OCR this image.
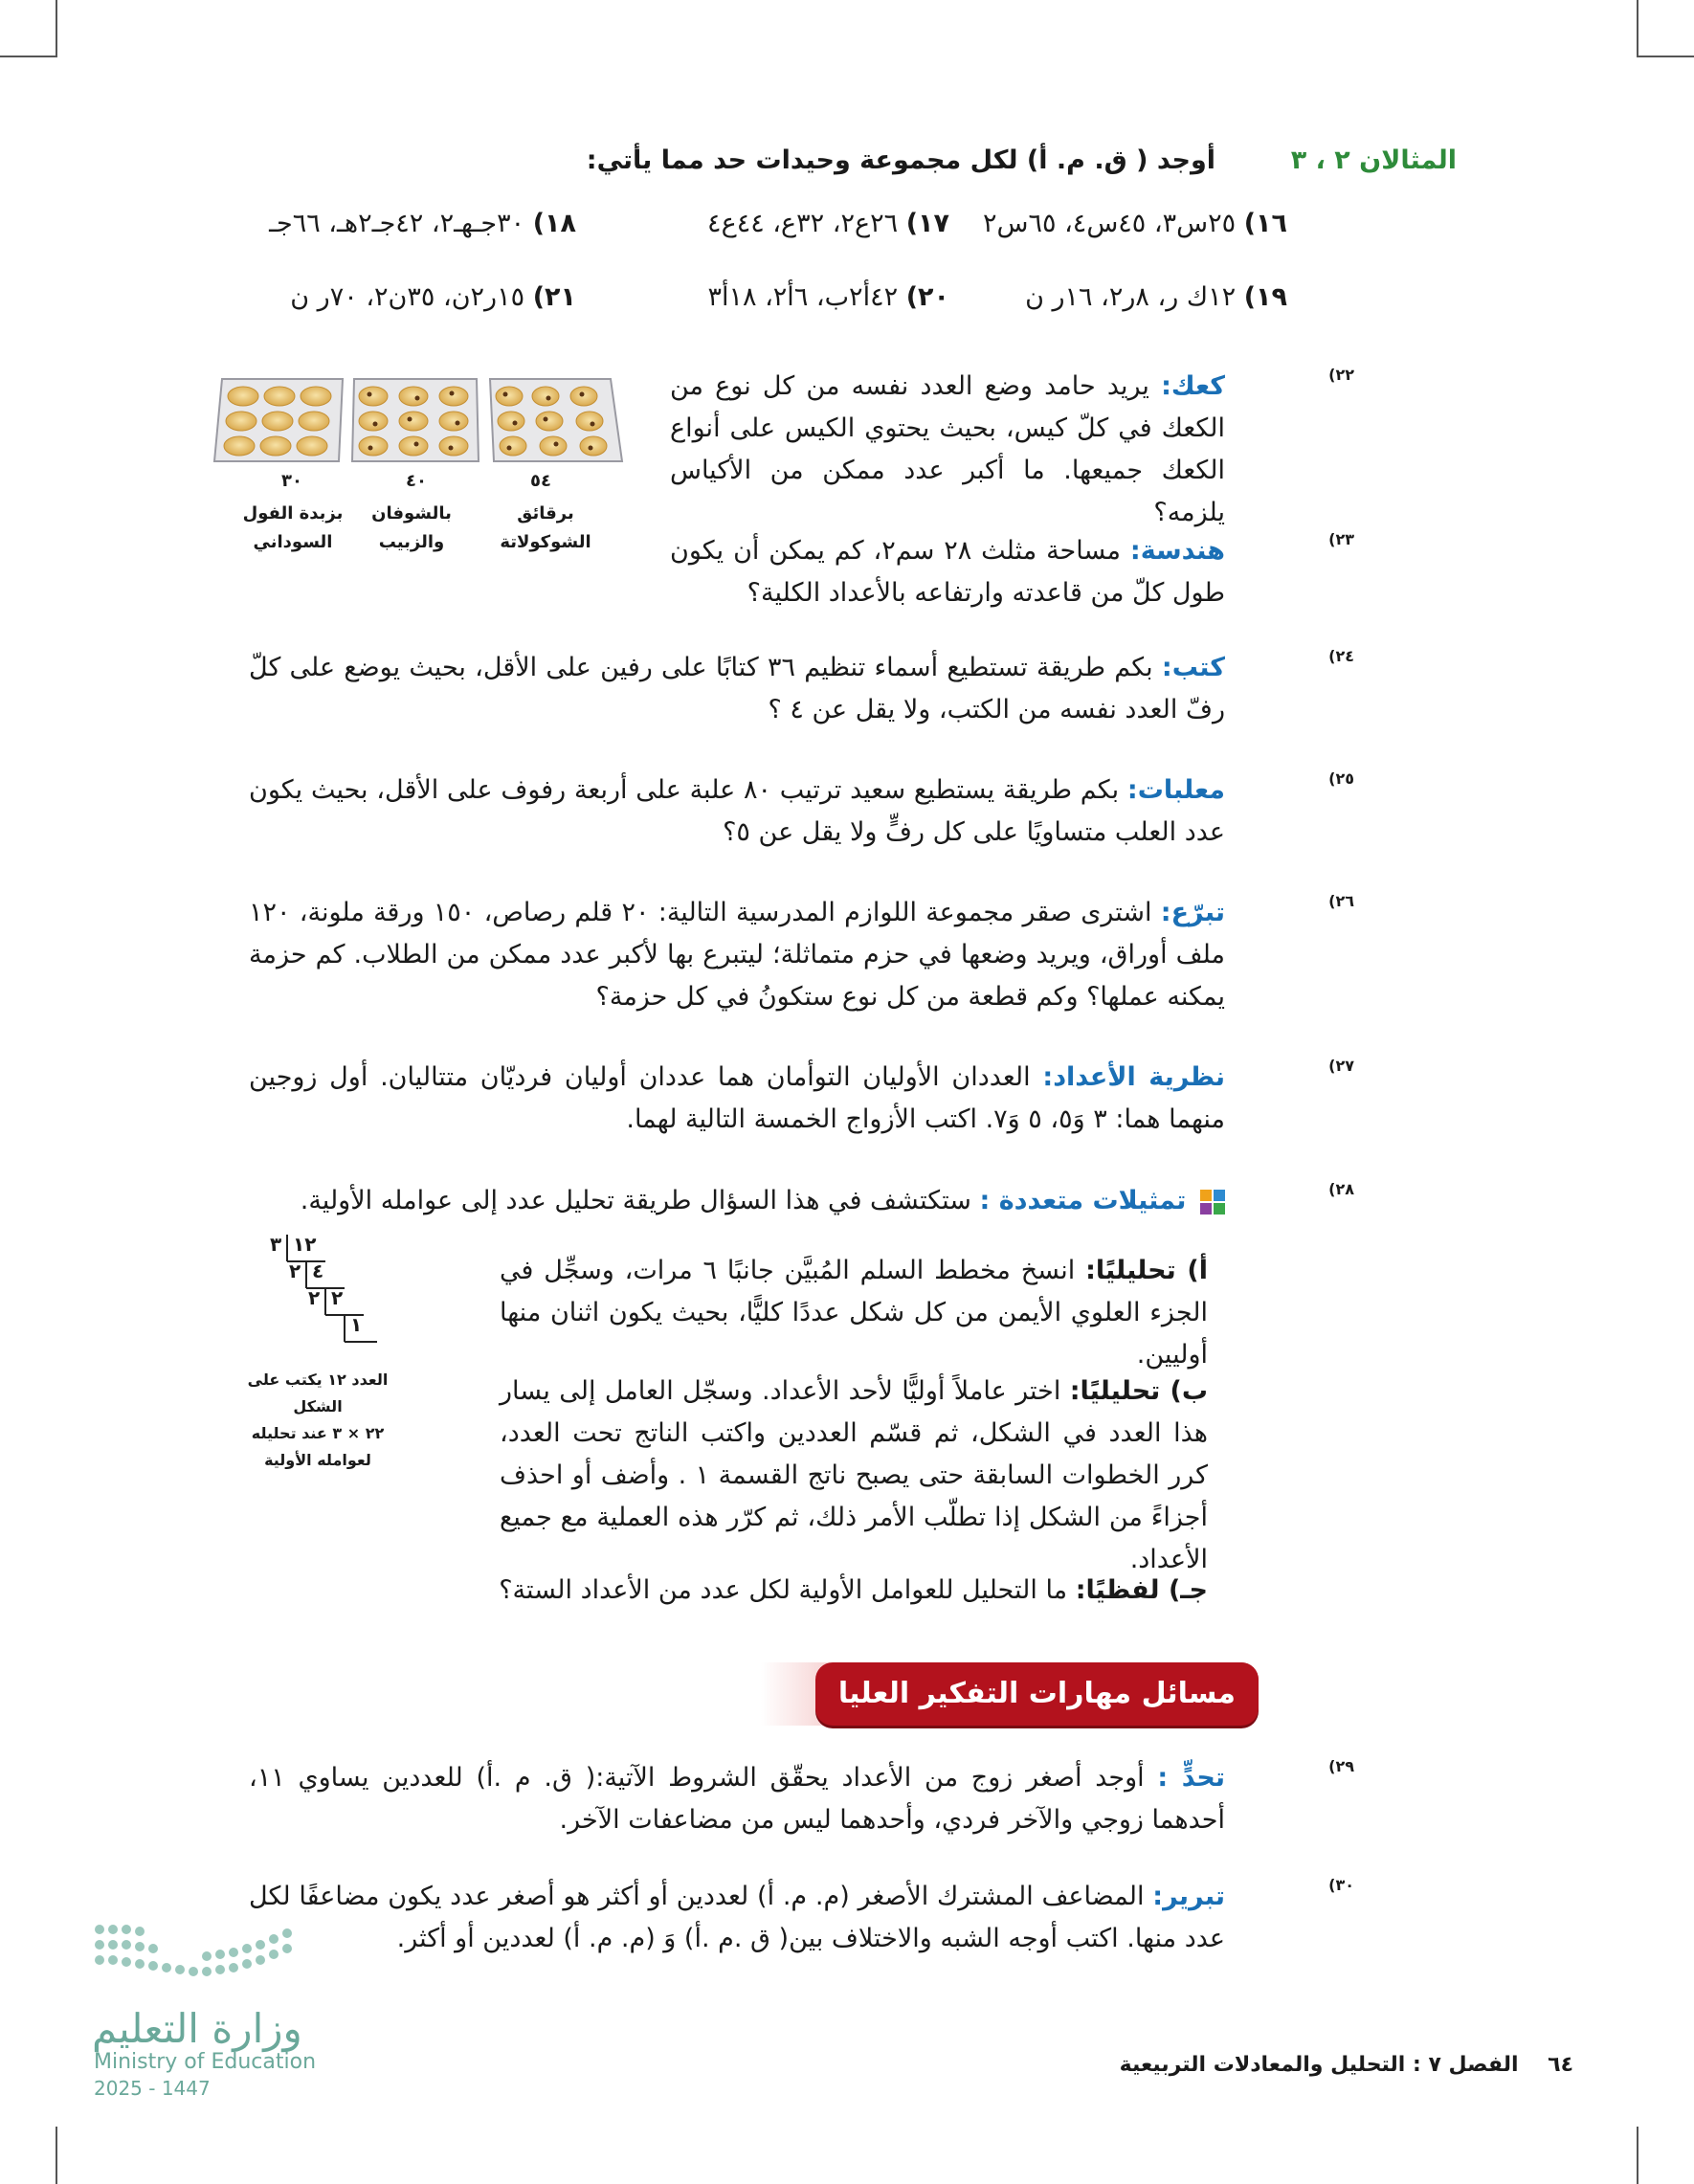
المثالان ٢ ، ٣
أوجد ( ق. م. أ) لكل مجموعة وحيدات حد مما يأتي:
١٦) ٢٥س٣، ٤٥س٤، ٦٥س٢
١٧) ٢٦ع٢، ٣٢ع، ٤٤ع٤
١٨) ٣٠جـهـ٢، ٤٢جـ٢هـ، ٦٦جـ
١٩) ١٢ك ر، ٨ر٢، ١٦ر ن
٢٠) ٤٢أ٢ب، ٦أ٢، ١٨أ٣
٢١) ١٥ر٢ن، ٣٥ن٢، ٧٠ر ن
٥٤
٤٠
٣٠
برقائق الشوكولاتة
بالشوفان والزبيب
بزبدة الفول السوداني
٢٢)

كعك: يريد حامد وضع العدد نفسه من كل نوع من الكعك في كلّ كيس، بحيث يحتوي الكيس على أنواع الكعك جميعها. ما أكبر عدد ممكن من الأكياس يلزمه؟

٢٣)

هندسة: مساحة مثلث ٢٨ سم٢، كم يمكن أن يكون طول كلّ من قاعدته وارتفاعه بالأعداد الكلية؟

٢٤)

كتب: بكم طريقة تستطيع أسماء تنظيم ٣٦ كتابًا على رفين على الأقل، بحيث يوضع على كلّ رفّ العدد نفسه من الكتب، ولا يقل عن ٤ ؟

٢٥)

معلبات: بكم طريقة يستطيع سعيد ترتيب ٨٠ علبة على أربعة رفوف على الأقل، بحيث يكون عدد العلب متساويًا على كل رفٍّ ولا يقل عن ٥؟

٢٦)

تبرّع: اشترى صقر مجموعة اللوازم المدرسية التالية: ٢٠ قلم رصاص، ١٥٠ ورقة ملونة، ١٢٠ ملف أوراق، ويريد وضعها في حزم متماثلة؛ ليتبرع بها لأكبر عدد ممكن من الطلاب. كم حزمة يمكنه عملها؟ وكم قطعة من كل نوع ستكونُ في كل حزمة؟

٢٧)

نظرية الأعداد: العددان الأوليان التوأمان هما عددان أوليان فرديّان متتاليان. أول زوجين منهما هما: ٣ وَ٥، ٥ وَ٧. اكتب الأزواج الخمسة التالية لهما.

٢٨)

تمثيلات متعددة : ستكتشف في هذا السؤال طريقة تحليل عدد إلى عوامله الأولية.

أ) تحليليًا: انسخ مخطط السلم المُبيَّن جانبًا ٦ مرات، وسجِّل في الجزء العلوي الأيمن من كل شكل عددًا كليًّا، بحيث يكون اثنان منها أوليين.

١٢
٣
٤
٢
٢
٢
١
العدد ١٢ يكتب على الشكل
٢٢ × ٣ عند تحليله لعوامله الأولية

ب) تحليليًا: اختر عاملاً أوليًّا لأحد الأعداد. وسجّل العامل إلى يسار هذا العدد في الشكل، ثم قسّم العددين واكتب الناتج تحت العدد، كرر الخطوات السابقة حتى يصبح ناتج القسمة ١ . وأضف أو احذف أجزاءً من الشكل إذا تطلّب الأمر ذلك، ثم كرّر هذه العملية مع جميع الأعداد.

جـ) لفظيًا: ما التحليل للعوامل الأولية لكل عدد من الأعداد الستة؟

مسائل مهارات التفكير العليا
٢٩)

تحدٍّ : أوجد أصغر زوج من الأعداد يحقّق الشروط الآتية:( ق. م .أ) للعددين يساوي ١١، أحدهما زوجي والآخر فردي، وأحدهما ليس من مضاعفات الآخر.

٣٠)

تبرير: المضاعف المشترك الأصغر (م. م. أ) لعددين أو أكثر هو أصغر عدد يكون مضاعفًا لكل عدد منها. اكتب أوجه الشبه والاختلاف بين( ق .م .أ) وَ (م. م. أ) لعددين أو أكثر.

وزارة التعليم
Ministry of Education
2025 - 1447
٦٤    الفصل ٧ : التحليل والمعادلات التربيعية
